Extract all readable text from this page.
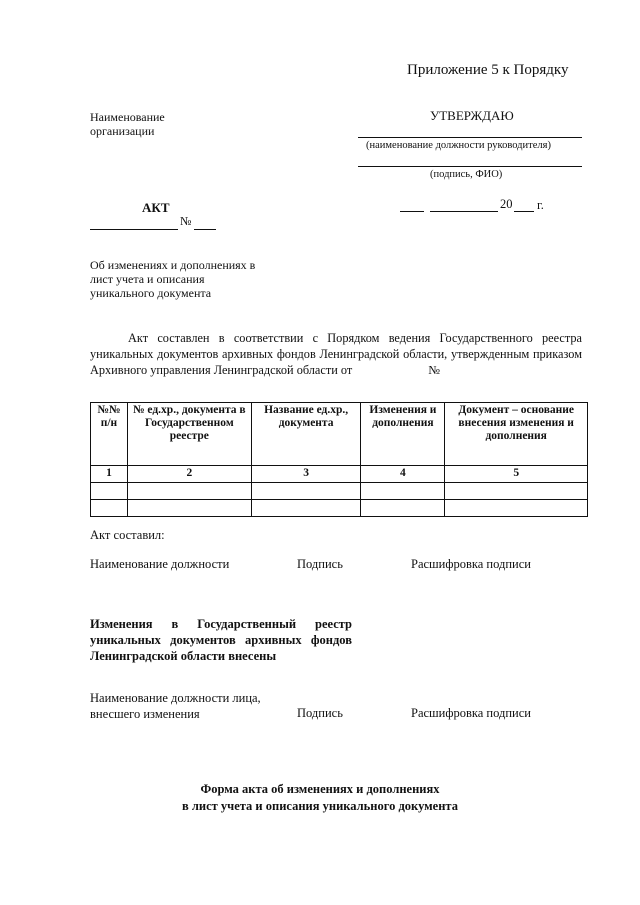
Приложение 5 к Порядку
Наименование организации
УТВЕРЖДАЮ
(наименование должности руководителя)
(подпись, ФИО)
20 г.
АКТ
№
Об изменениях и дополнениях в лист учета и описания уникального документа
Акт составлен в соответствии с Порядком ведения Государственного реестра уникальных документов архивных фондов Ленинградской области, утвержденным приказом Архивного управления Ленинградской области от	№
№№ п/н	№ ед.хр., документа в Государственном реестре	Название ед.хр., документа	Изменения и дополнения	Документ – основание внесения изменения и дополнения
1	2	3	4	5

Акт составил:
Наименование должности	Подпись	Расшифровка подписи
Изменения в Государственный реестр уникальных документов архивных фондов Ленинградской области внесены
Наименование должности лица, внесшего изменения	Подпись	Расшифровка подписи
Форма акта об изменениях и дополнениях
в лист учета и описания уникального документа
